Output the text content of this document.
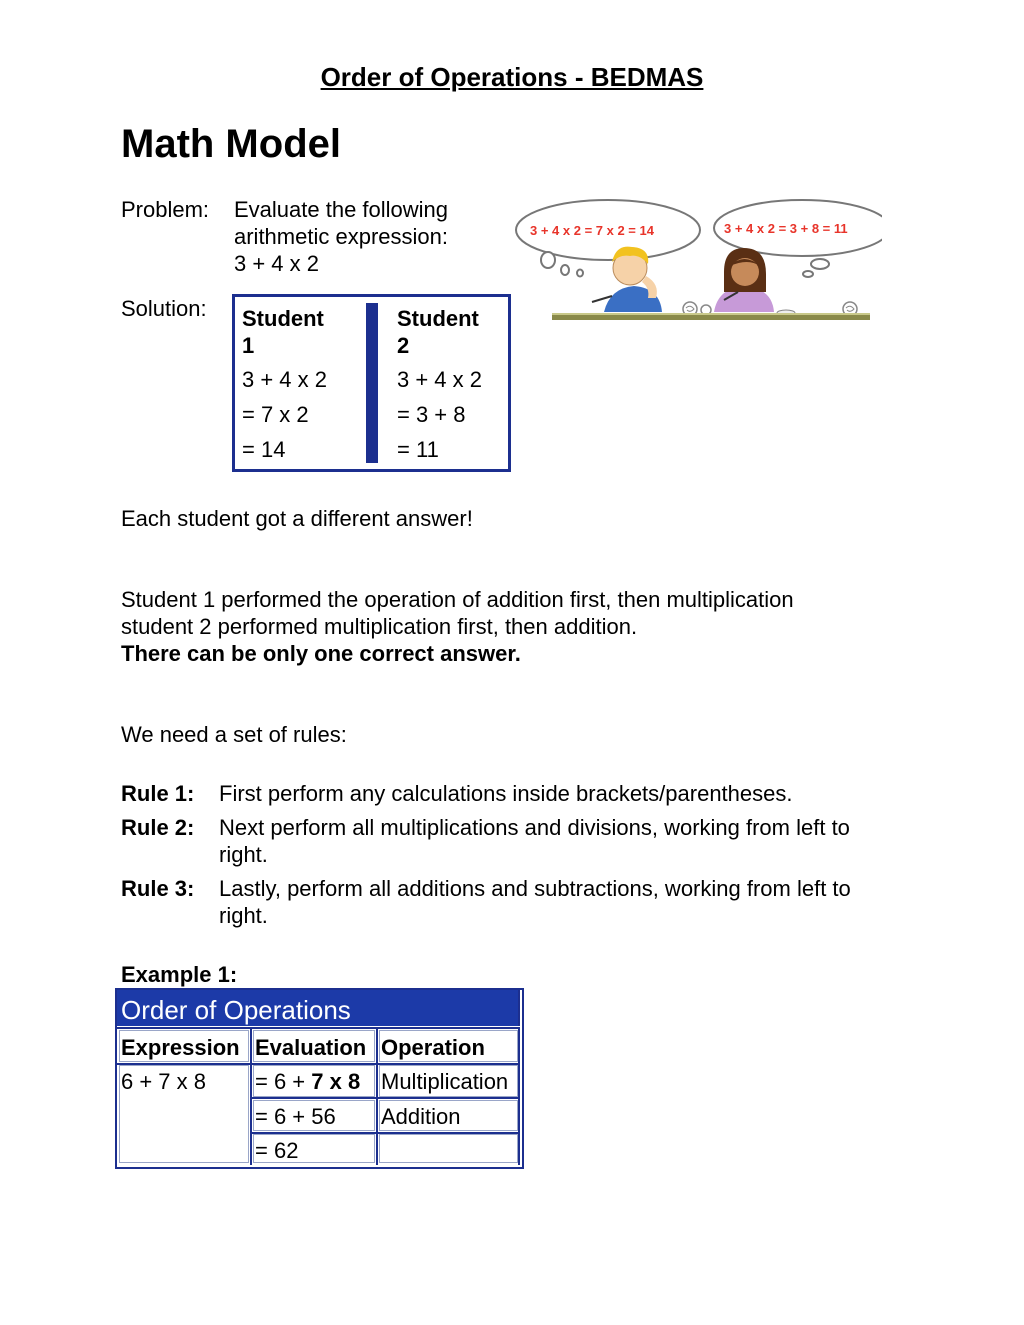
Order of Operations - BEDMAS
Math Model
Problem: Evaluate the following
arithmetic expression:
3 + 4 x 2
Solution: Student
1
3 + 4 x 2
= 7 x 2
= 14
Student
2
3 + 4 x 2
= 3 + 8
= 11
3 + 4 x 2 = 7 x 2 = 14	3 + 4 x 2 = 3 + 8 = 11
Each student got a different answer!
Student 1 performed the operation of addition first, then multiplication
student 2 performed multiplication first, then addition.
There can be only one correct answer.
We need a set of rules:
Rule 1: First perform any calculations inside brackets/parentheses.
Rule 2: Next perform all multiplications and divisions, working from left to
right.
Rule 3: Lastly, perform all additions and subtractions, working from left to
right.
Example 1:
Order of Operations
Expression Evaluation Operation
6 + 7 x 8 = 6 + 7 x 8 Multiplication
= 6 + 56 Addition
= 62
